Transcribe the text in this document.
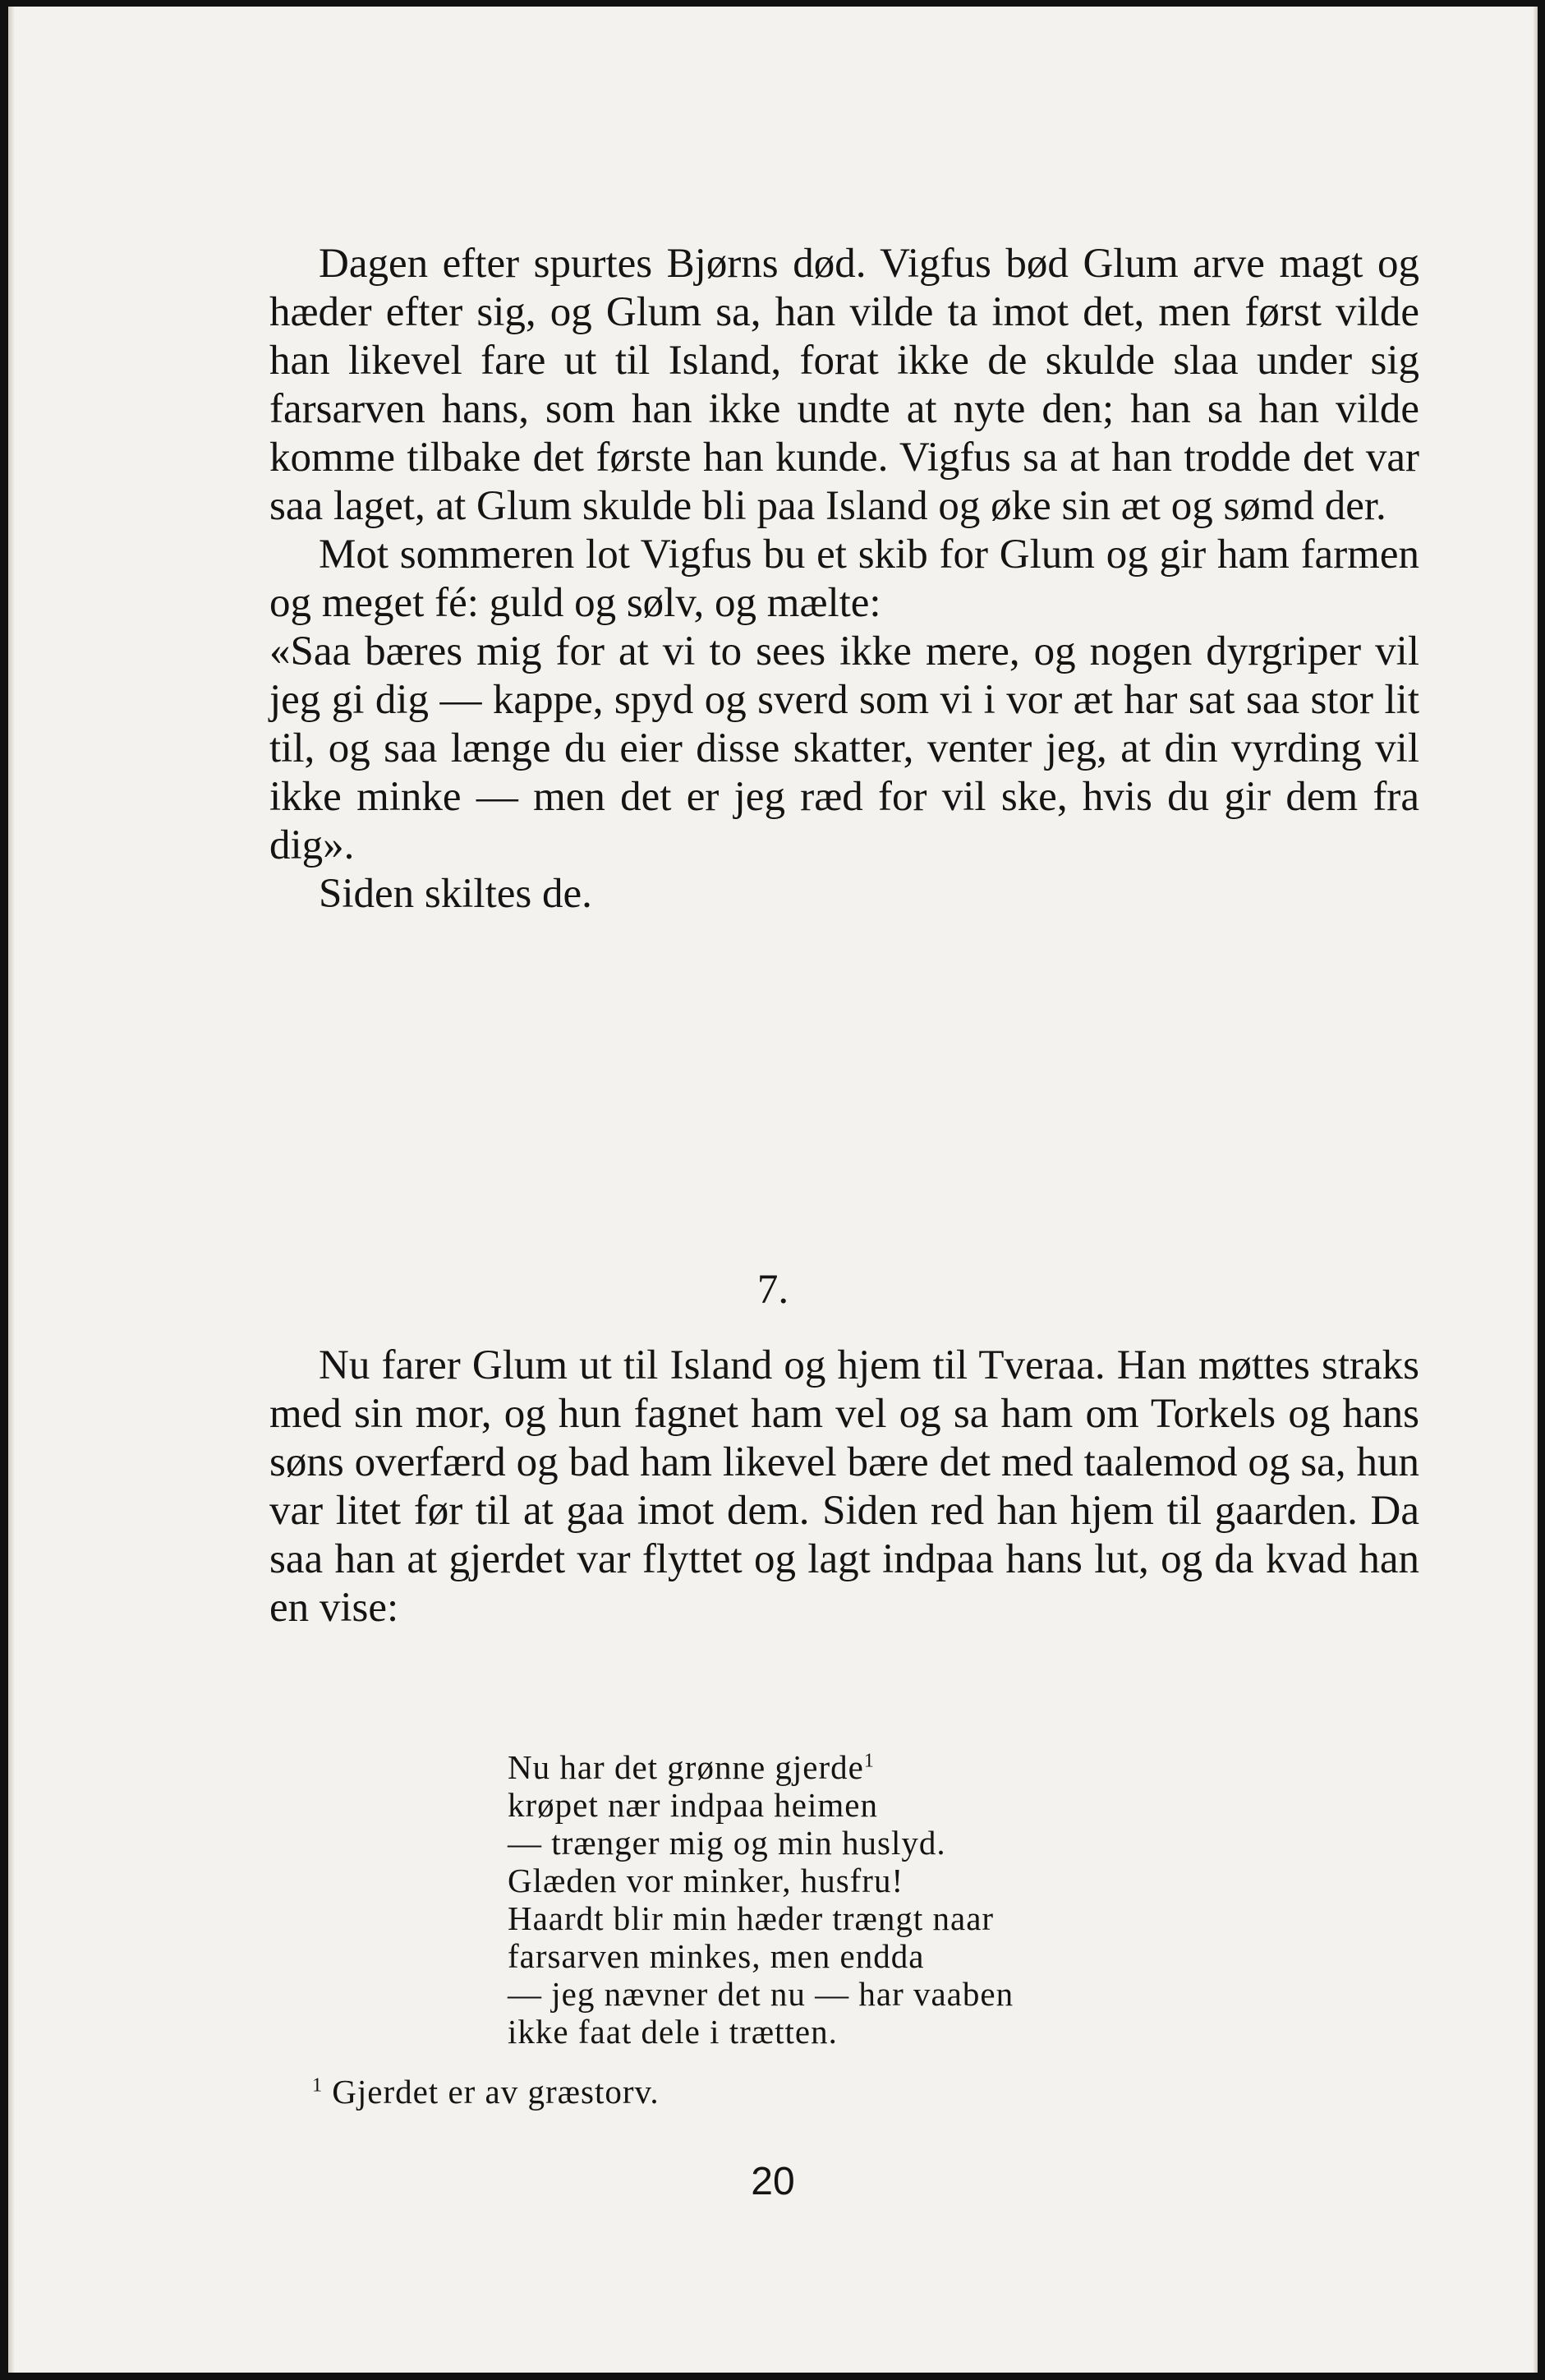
Dagen efter spurtes Bjørns død. Vigfus bød Glum arve magt og hæder efter sig, og Glum sa, han vilde ta imot det, men først vilde han likevel fare ut til Island, forat ikke de skulde slaa under sig farsarven hans, som han ikke undte at nyte den; han sa han vilde komme tilbake det første han kunde. Vigfus sa at han trodde det var saa laget, at Glum skulde bli paa Island og øke sin æt og sømd der.

Mot sommeren lot Vigfus bu et skib for Glum og gir ham farmen og meget fé: guld og sølv, og mælte:

«Saa bæres mig for at vi to sees ikke mere, og nogen dyrgriper vil jeg gi dig — kappe, spyd og sverd som vi i vor æt har sat saa stor lit til, og saa længe du eier disse skatter, venter jeg, at din vyrding vil ikke minke — men det er jeg ræd for vil ske, hvis du gir dem fra dig».

Siden skiltes de.

7.

Nu farer Glum ut til Island og hjem til Tveraa. Han møttes straks med sin mor, og hun fagnet ham vel og sa ham om Torkels og hans søns overfærd og bad ham likevel bære det med taalemod og sa, hun var litet før til at gaa imot dem. Siden red han hjem til gaarden. Da saa han at gjerdet var flyttet og lagt indpaa hans lut, og da kvad han en vise:

Nu har det grønne gjerde$^1$
krøpet nær indpaa heimen
— trænger mig og min huslyd.
Glæden vor minker, husfru!
Haardt blir min hæder trængt naar
farsarven minkes, men endda
— jeg nævner det nu — har vaaben
ikke faat dele i trætten.
$^1$ Gjerdet er av græstorv.
20
